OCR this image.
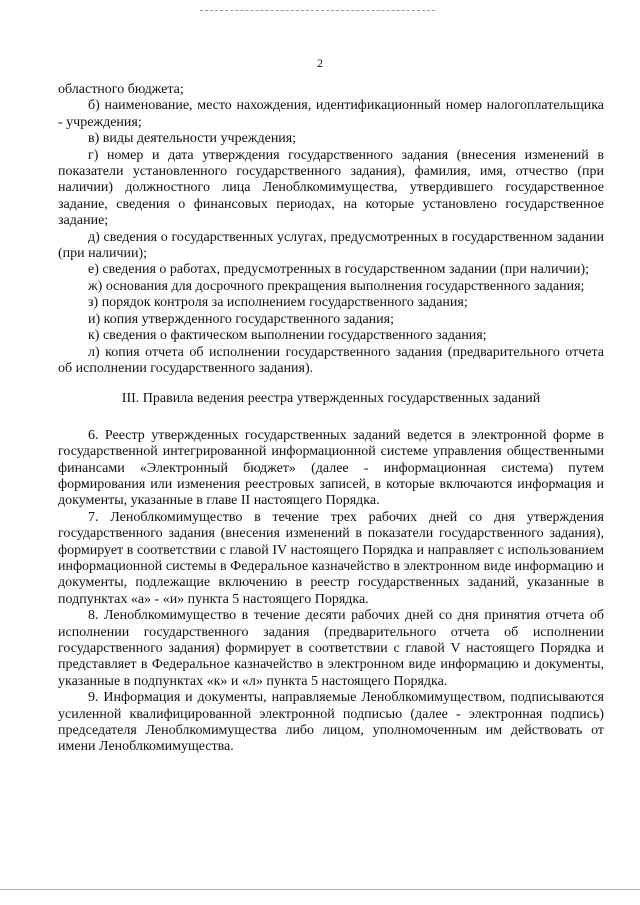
2

областного бюджета;

б) наименование, место нахождения, идентификационный номер налогоплательщика - учреждения;

в) виды деятельности учреждения;

г) номер и дата утверждения государственного задания (внесения изменений в показатели установленного государственного задания), фамилия, имя, отчество (при наличии) должностного лица Леноблкомимущества, утвердившего государственное задание, сведения о финансовых периодах, на которые установлено государственное задание;

д) сведения о государственных услугах, предусмотренных в государственном задании (при наличии);

е) сведения о работах, предусмотренных в государственном задании (при наличии);

ж) основания для досрочного прекращения выполнения государственного задания;

з) порядок контроля за исполнением государственного задания;

и) копия утвержденного государственного задания;

к) сведения о фактическом выполнении государственного задания;

л) копия отчета об исполнении государственного задания (предварительного отчета об исполнении государственного задания).

III. Правила ведения реестра утвержденных государственных заданий

6. Реестр утвержденных государственных заданий ведется в электронной форме в государственной интегрированной информационной системе управления общественными финансами «Электронный бюджет» (далее - информационная система) путем формирования или изменения реестровых записей, в которые включаются информация и документы, указанные в главе II настоящего Порядка.

7. Леноблкомимущество в течение трех рабочих дней со дня утверждения государственного задания (внесения изменений в показатели государственного задания), формирует в соответствии с главой IV настоящего Порядка и направляет с использованием информационной системы в Федеральное казначейство в электронном виде информацию и документы, подлежащие включению в реестр государственных заданий, указанные в подпунктах «а» - «и» пункта 5 настоящего Порядка.

8. Леноблкомимущество в течение десяти рабочих дней со дня принятия отчета об исполнении государственного задания (предварительного отчета об исполнении государственного задания) формирует в соответствии с главой V настоящего Порядка и представляет в Федеральное казначейство в электронном виде информацию и документы, указанные в подпунктах «к» и «л» пункта 5 настоящего Порядка.

9. Информация и документы, направляемые Леноблкомимуществом, подписываются усиленной квалифицированной электронной подписью (далее - электронная подпись) председателя Леноблкомимущества либо лицом, уполномоченным им действовать от имени Леноблкомимущества.
